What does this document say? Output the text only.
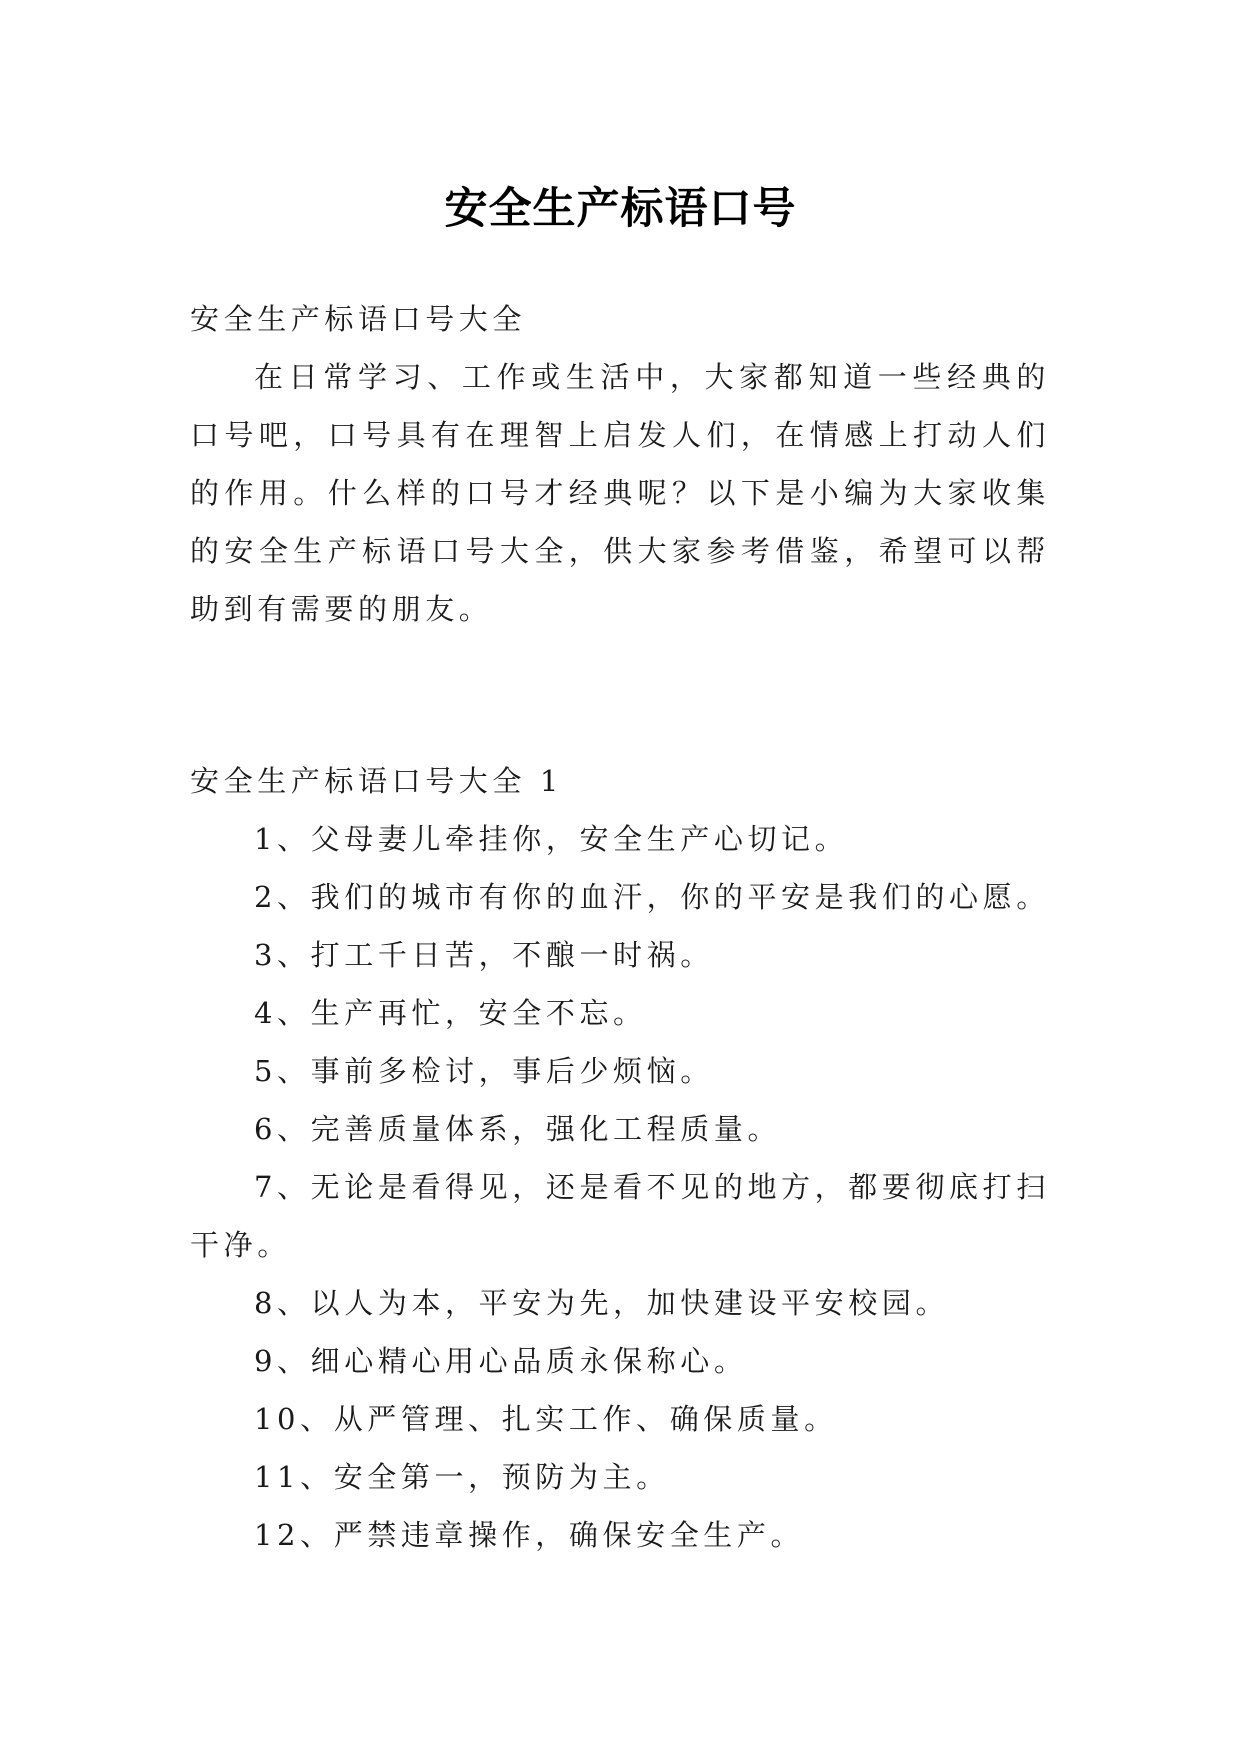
安全生产标语口号

安全生产标语口号大全

在日常学习、工作或生活中，大家都知道一些经典的口号吧，口号具有在理智上启发人们，在情感上打动人们的作用。什么样的口号才经典呢？以下是小编为大家收集的安全生产标语口号大全，供大家参考借鉴，希望可以帮助到有需要的朋友。

安全生产标语口号大全 1

1、父母妻儿牵挂你，安全生产心切记。

2、我们的城市有你的血汗，你的平安是我们的心愿。

3、打工千日苦，不酿一时祸。

4、生产再忙，安全不忘。

5、事前多检讨，事后少烦恼。

6、完善质量体系，强化工程质量。

7、无论是看得见，还是看不见的地方，都要彻底打扫干净。

8、以人为本，平安为先，加快建设平安校园。

9、细心精心用心品质永保称心。

10、从严管理、扎实工作、确保质量。

11、安全第一，预防为主。

12、严禁违章操作，确保安全生产。
